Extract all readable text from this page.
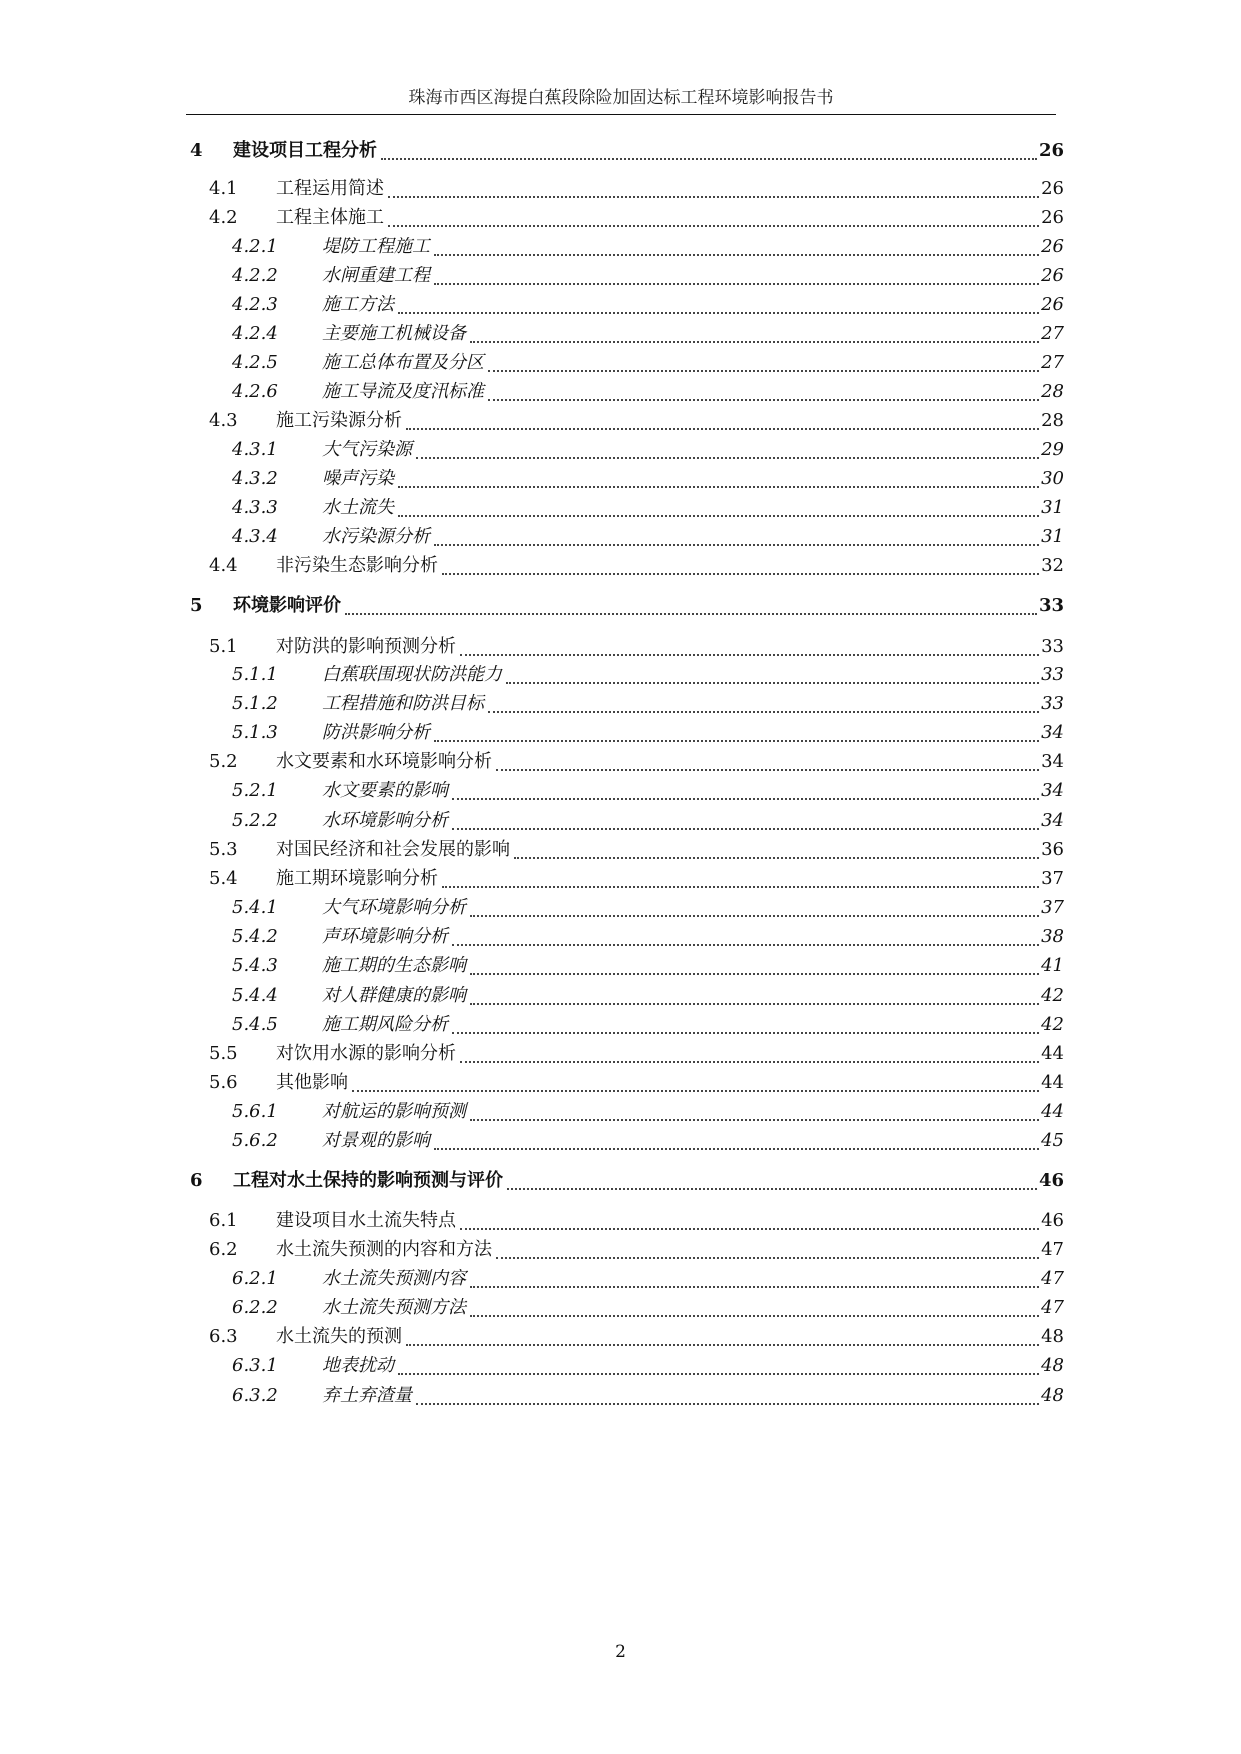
珠海市西区海提白蕉段除险加固达标工程环境影响报告书
4 建设项目工程分析	26
4.1 工程运用简述	26
4.2 工程主体施工	26
4.2.1 堤防工程施工	26
4.2.2 水闸重建工程	26
4.2.3 施工方法	26
4.2.4 主要施工机械设备	27
4.2.5 施工总体布置及分区	27
4.2.6 施工导流及度汛标准	28
4.3 施工污染源分析	28
4.3.1 大气污染源	29
4.3.2 噪声污染	30
4.3.3 水土流失	31
4.3.4 水污染源分析	31
4.4 非污染生态影响分析	32
5 环境影响评价	33
5.1 对防洪的影响预测分析	33
5.1.1 白蕉联围现状防洪能力	33
5.1.2 工程措施和防洪目标	33
5.1.3 防洪影响分析	34
5.2 水文要素和水环境影响分析	34
5.2.1 水文要素的影响	34
5.2.2 水环境影响分析	34
5.3 对国民经济和社会发展的影响	36
5.4 施工期环境影响分析	37
5.4.1 大气环境影响分析	37
5.4.2 声环境影响分析	38
5.4.3 施工期的生态影响	41
5.4.4 对人群健康的影响	42
5.4.5 施工期风险分析	42
5.5 对饮用水源的影响分析	44
5.6 其他影响	44
5.6.1 对航运的影响预测	44
5.6.2 对景观的影响	45
6 工程对水土保持的影响预测与评价	46
6.1 建设项目水土流失特点	46
6.2 水土流失预测的内容和方法	47
6.2.1 水土流失预测内容	47
6.2.2 水土流失预测方法	47
6.3 水土流失的预测	48
6.3.1 地表扰动	48
6.3.2 弃土弃渣量	48
2
